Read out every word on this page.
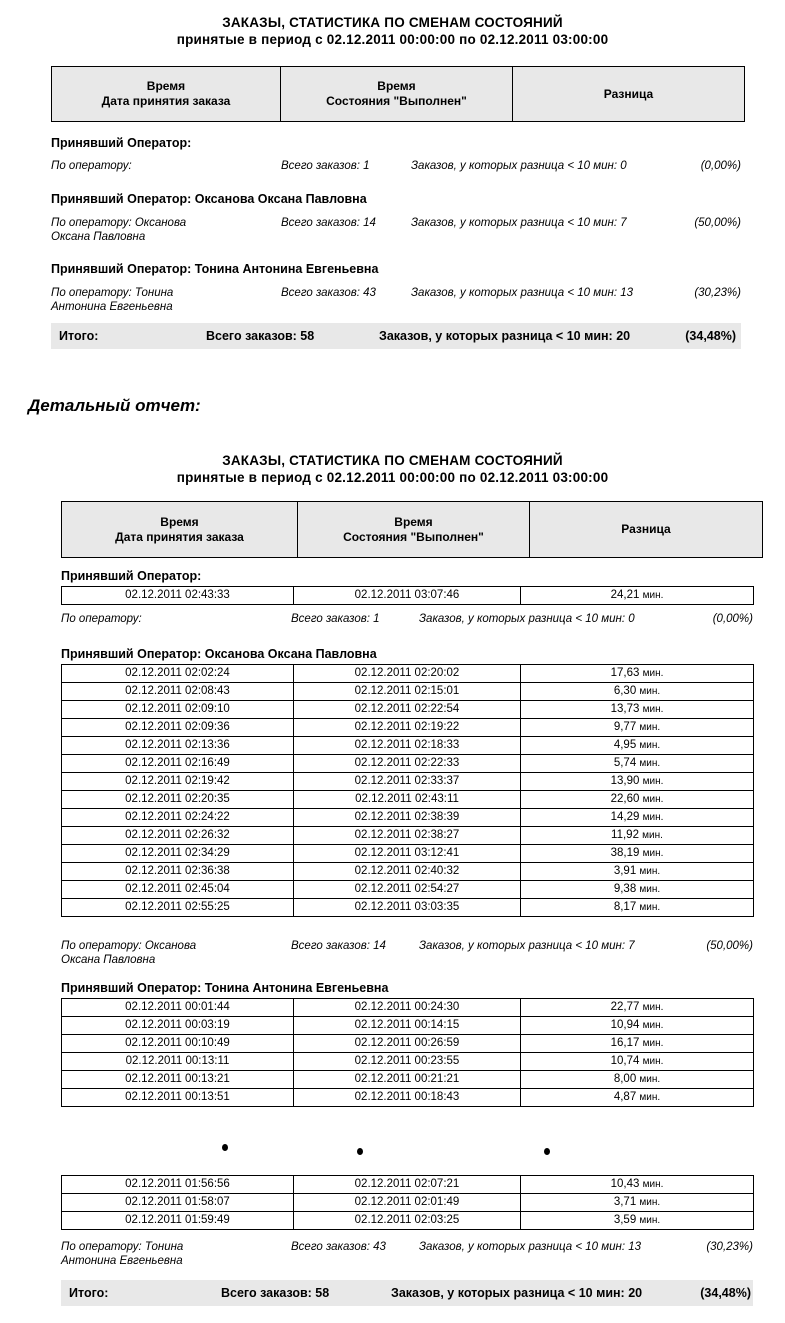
ЗАКАЗЫ, СТАТИСТИКА ПО СМЕНАМ СОСТОЯНИЙ
принятые в период с 02.12.2011 00:00:00 по 02.12.2011 03:00:00
Время
Дата принятия заказа

Время
Состояния "Выполнен"

Разница
Принявший Оператор:
По оператору:	Всего заказов: 1	Заказов, у которых разница < 10 мин: 0	(0,00%)
Принявший Оператор: Оксанова Оксана Павловна
По оператору: Оксанова Оксана Павловна
Всего заказов: 14	Заказов, у которых разница < 10 мин: 7	(50,00%)
Принявший Оператор: Тонина Антонина Евгеньевна
По оператору: Тонина Антонина Евгеньевна
Всего заказов: 43	Заказов, у которых разница < 10 мин: 13	(30,23%)
Итого:	Всего заказов: 58	Заказов, у которых разница < 10 мин: 20	(34,48%)
Детальный отчет:
ЗАКАЗЫ, СТАТИСТИКА ПО СМЕНАМ СОСТОЯНИЙ
принятые в период с 02.12.2011 00:00:00 по 02.12.2011 03:00:00
Время
Дата принятия заказа

Время
Состояния "Выполнен"

Разница
Принявший Оператор:
02.12.2011 02:43:33	02.12.2011 03:07:46	24,21 мин.
По оператору:	Всего заказов: 1	Заказов, у которых разница < 10 мин: 0	(0,00%)
Принявший Оператор: Оксанова Оксана Павловна
02.12.2011 02:02:24	02.12.2011 02:20:02	17,63 мин.
02.12.2011 02:08:43	02.12.2011 02:15:01	6,30 мин.
02.12.2011 02:09:10	02.12.2011 02:22:54	13,73 мин.
02.12.2011 02:09:36	02.12.2011 02:19:22	9,77 мин.
02.12.2011 02:13:36	02.12.2011 02:18:33	4,95 мин.
02.12.2011 02:16:49	02.12.2011 02:22:33	5,74 мин.
02.12.2011 02:19:42	02.12.2011 02:33:37	13,90 мин.
02.12.2011 02:20:35	02.12.2011 02:43:11	22,60 мин.
02.12.2011 02:24:22	02.12.2011 02:38:39	14,29 мин.
02.12.2011 02:26:32	02.12.2011 02:38:27	11,92 мин.
02.12.2011 02:34:29	02.12.2011 03:12:41	38,19 мин.
02.12.2011 02:36:38	02.12.2011 02:40:32	3,91 мин.
02.12.2011 02:45:04	02.12.2011 02:54:27	9,38 мин.
02.12.2011 02:55:25	02.12.2011 03:03:35	8,17 мин.
По оператору: Оксанова Оксана Павловна
Всего заказов: 14	Заказов, у которых разница < 10 мин: 7	(50,00%)
Принявший Оператор: Тонина Антонина Евгеньевна
02.12.2011 00:01:44	02.12.2011 00:24:30	22,77 мин.
02.12.2011 00:03:19	02.12.2011 00:14:15	10,94 мин.
02.12.2011 00:10:49	02.12.2011 00:26:59	16,17 мин.
02.12.2011 00:13:11	02.12.2011 00:23:55	10,74 мин.
02.12.2011 00:13:21	02.12.2011 00:21:21	8,00 мин.
02.12.2011 00:13:51	02.12.2011 00:18:43	4,87 мин.
02.12.2011 01:56:56	02.12.2011 02:07:21	10,43 мин.
02.12.2011 01:58:07	02.12.2011 02:01:49	3,71 мин.
02.12.2011 01:59:49	02.12.2011 02:03:25	3,59 мин.
По оператору: Тонина Антонина Евгеньевна
Всего заказов: 43	Заказов, у которых разница < 10 мин: 13	(30,23%)
Итого:	Всего заказов: 58	Заказов, у которых разница < 10 мин: 20	(34,48%)
